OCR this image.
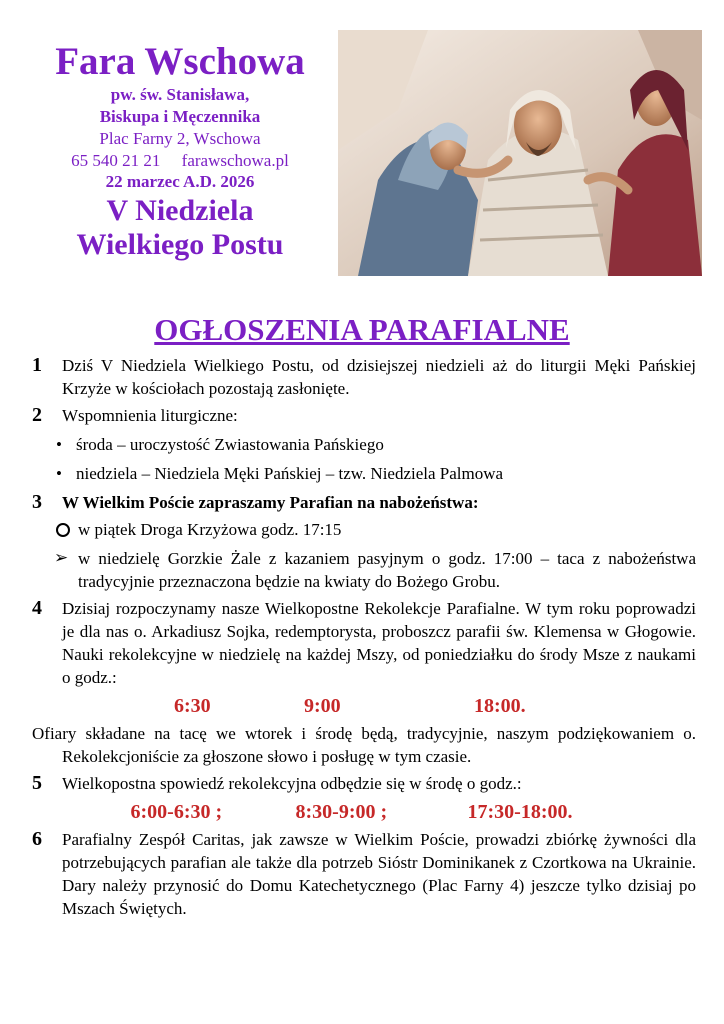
Fara Wschowa
pw. św. Stanisława,
Biskupa i Męczennika
Plac Farny 2, Wschowa
65 540 21 21 farawschowa.pl
22 marzec A.D. 2026
V Niedziela
Wielkiego Postu
OGŁOSZENIA PARAFIALNE
1 Dziś V Niedziela Wielkiego Postu, od dzisiejszej niedzieli aż do liturgii Męki Pańskiej Krzyże w kościołach pozostają zasłonięte.
2 Wspomnienia liturgiczne:
• środa – uroczystość Zwiastowania Pańskiego
• niedziela – Niedziela Męki Pańskiej – tzw. Niedziela Palmowa
3 W Wielkim Poście zapraszamy Parafian na nabożeństwa:
w piątek Droga Krzyżowa godz. 17:15
➢ w niedzielę Gorzkie Żale z kazaniem pasyjnym o godz. 17:00 – taca z nabożeństwa tradycyjnie przeznaczona będzie na kwiaty do Bożego Grobu.
4 Dzisiaj rozpoczynamy nasze Wielkopostne Rekolekcje Parafialne. W tym roku poprowadzi je dla nas o. Arkadiusz Sojka, redemptorysta, proboszcz parafii św. Klemensa w Głogowie. Nauki rekolekcyjne w niedzielę na każdej Mszy, od poniedziałku do środy Msze z naukami o godz.:
6:30	9:00	18:00.
Ofiary składane na tacę we wtorek i środę będą, tradycyjnie, naszym podziękowaniem o. Rekolekcjoniście za głoszone słowo i posługę w tym czasie.
5 Wielkopostna spowiedź rekolekcyjna odbędzie się w środę o godz.:
6:00-6:30 ;	8:30-9:00 ;	17:30-18:00.
6 Parafialny Zespół Caritas, jak zawsze w Wielkim Poście, prowadzi zbiórkę żywności dla potrzebujących parafian ale także dla potrzeb Sióstr Dominikanek z Czortkowa na Ukrainie. Dary należy przynosić do Domu Katechetycznego (Plac Farny 4) jeszcze tylko dzisiaj po Mszach Świętych.
